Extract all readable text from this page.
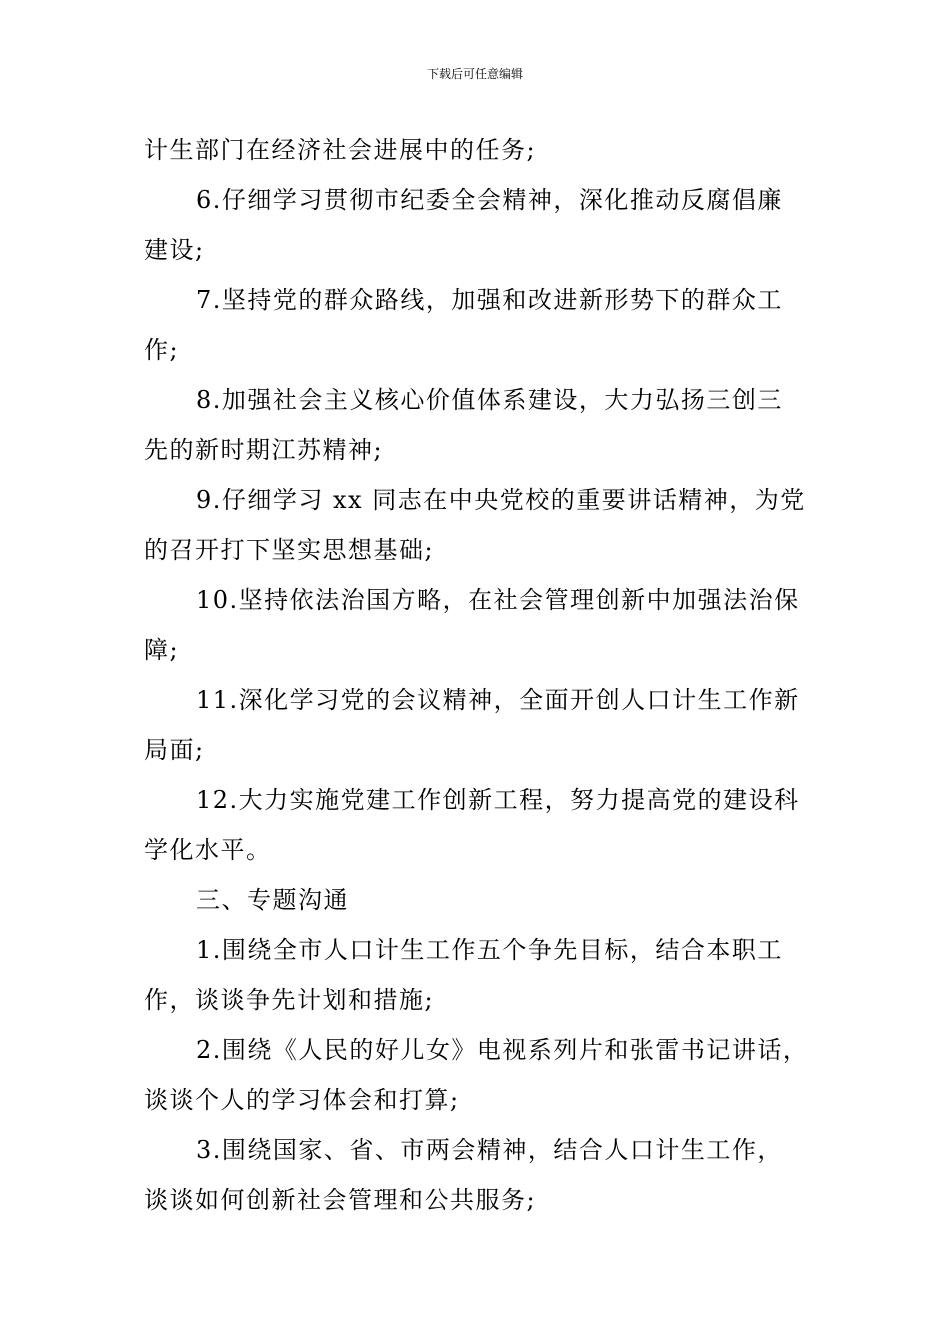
下载后可任意编辑
计生部门在经济社会进展中的任务;
6.仔细学习贯彻市纪委全会精神，深化推动反腐倡廉
建设;
7.坚持党的群众路线，加强和改进新形势下的群众工
作;
8.加强社会主义核心价值体系建设，大力弘扬三创三
先的新时期江苏精神;
9.仔细学习 xx 同志在中央党校的重要讲话精神，为党
的召开打下坚实思想基础;
10.坚持依法治国方略，在社会管理创新中加强法治保
障;
11.深化学习党的会议精神，全面开创人口计生工作新
局面;
12.大力实施党建工作创新工程，努力提高党的建设科
学化水平。
三、专题沟通
1.围绕全市人口计生工作五个争先目标，结合本职工
作，谈谈争先计划和措施;
2.围绕《人民的好儿女》电视系列片和张雷书记讲话，
谈谈个人的学习体会和打算;
3.围绕国家、省、市两会精神，结合人口计生工作，
谈谈如何创新社会管理和公共服务;
